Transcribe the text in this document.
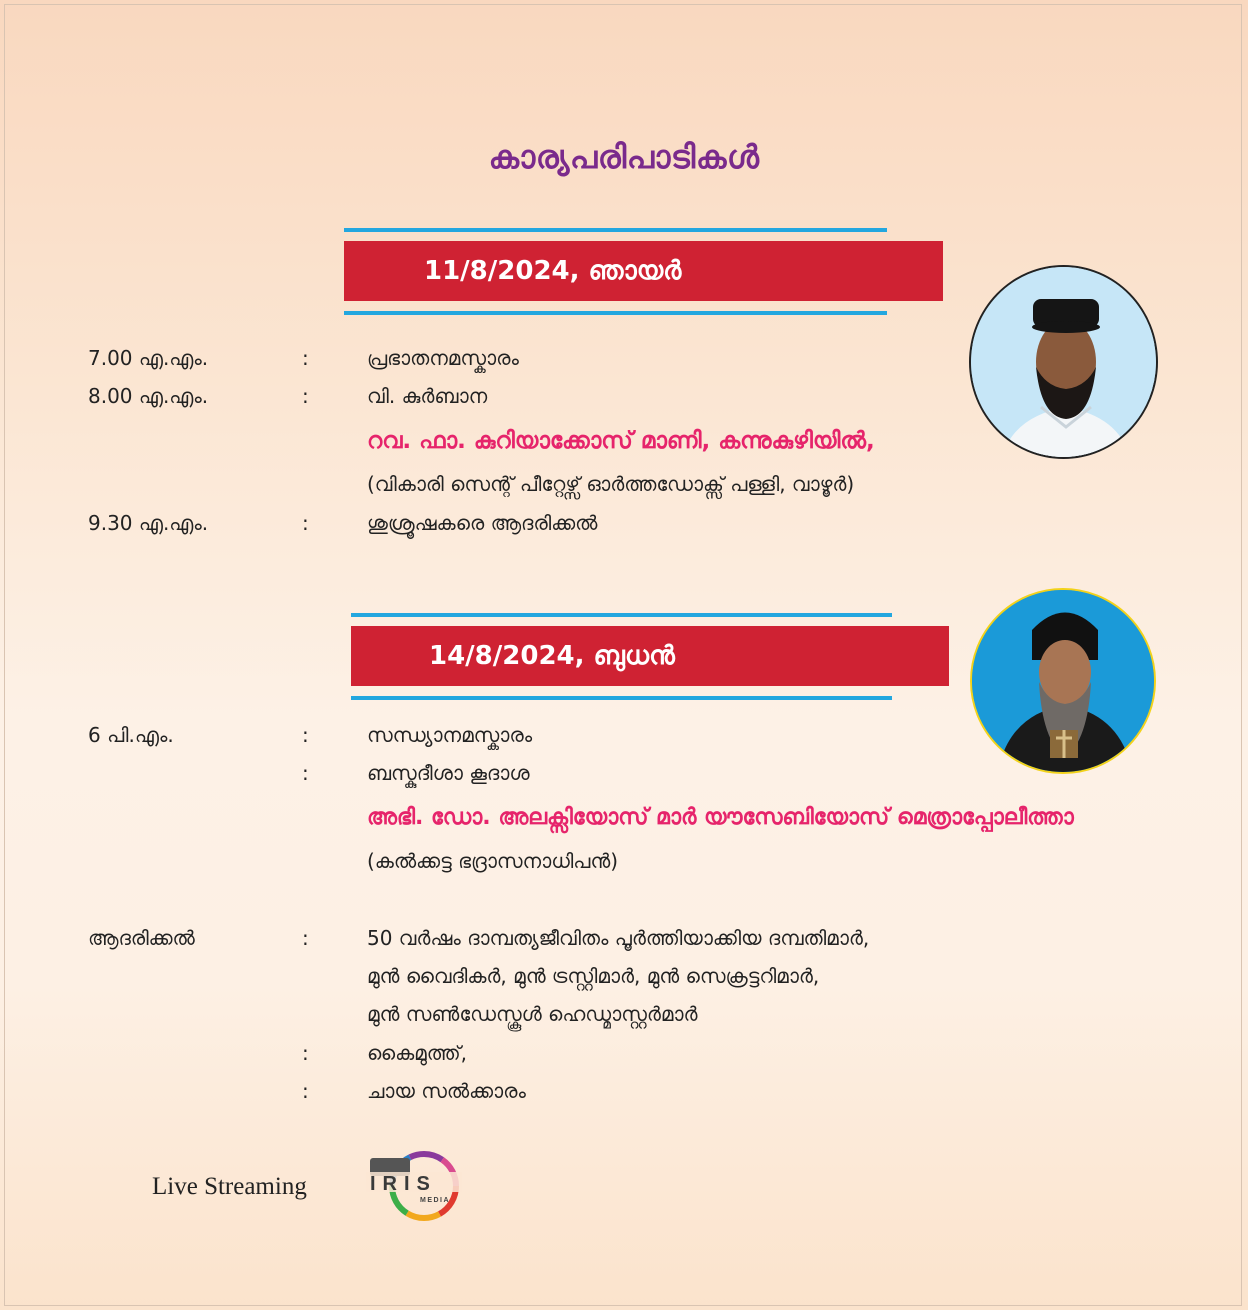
കാര്യപരിപാടികൾ
11/8/2024, ഞായർ
7.00 എ.എം.	:	പ്രഭാതനമസ്കാരം
8.00 എ.എം.	:	വി. കുർബാന
റവ. ഫാ. കുറിയാക്കോസ് മാണി, കന്നുകുഴിയിൽ,
(വികാരി സെന്റ് പീറ്റേഴ്സ് ഓർത്തഡോക്സ് പള്ളി, വാഴൂർ)
9.30 എ.എം.	:	ശുശ്രൂഷകരെ ആദരിക്കൽ
14/8/2024, ബുധൻ
6 പി.എം.	:	സന്ധ്യാനമസ്കാരം
:	ബസ്കുദീശാ കൂദാശ
അഭി. ഡോ. അലക്സിയോസ് മാർ യൗസേബിയോസ് മെത്രാപ്പോലീത്താ
(കൽക്കട്ട ഭദ്രാസനാധിപൻ)
ആദരിക്കൽ	:	50 വർഷം ദാമ്പത്യജീവിതം പൂർത്തിയാക്കിയ ദമ്പതിമാർ,
മുൻ വൈദികർ, മുൻ ട്രസ്റ്റിമാർ, മുൻ സെക്രട്ടറിമാർ,
മുൻ സൺഡേസ്കൂൾ ഹെഡ്മാസ്റ്റർമാർ
:	കൈമുത്ത്,
:	ചായ സൽക്കാരം
Live Streaming	IRIS
MEDIA
